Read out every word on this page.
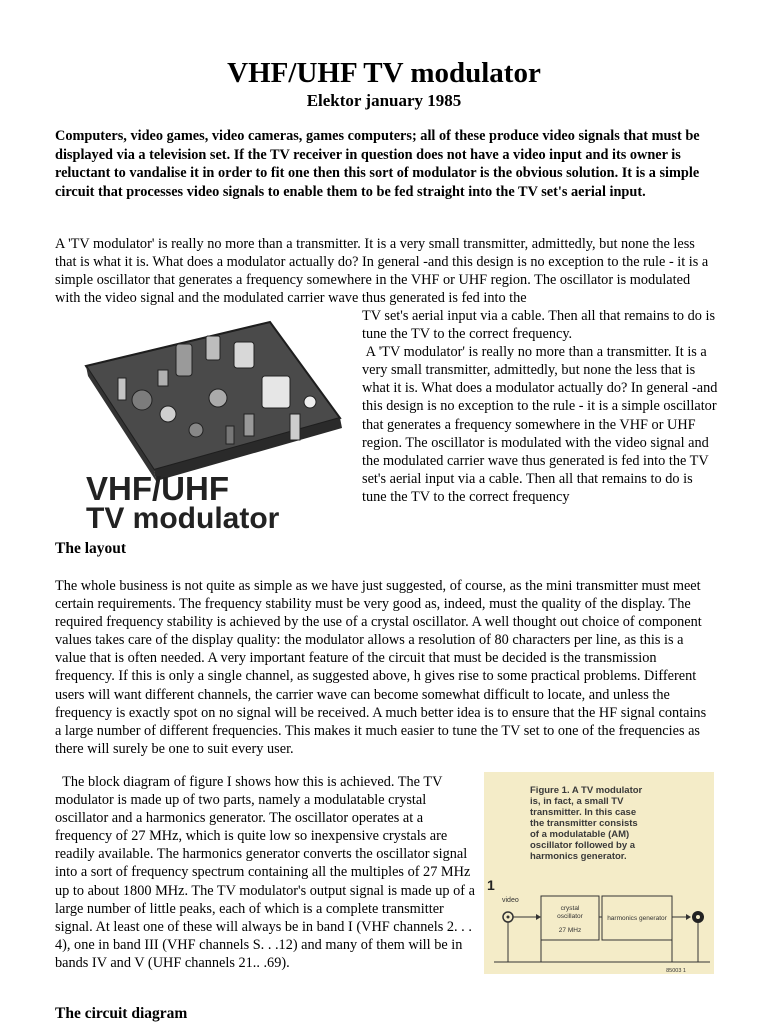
VHF/UHF TV modulator
Elektor january 1985

Computers, video games, video cameras, games computers; all of these produce video signals that must be displayed via a television set. If the TV receiver in question does not have a video input and its owner is reluctant to vandalise it in order to fit one then this sort of modulator is the obvious solution. It is a simple circuit that processes video signals to enable them to be fed straight into the TV set's aerial input.

A 'TV modulator' is really no more than a transmitter. It is a very small transmitter, admittedly, but none the less that is what it is. What does a modulator actually do? In general -and this design is no exception to the rule - it is a simple oscillator that generates a frequency somewhere in the VHF or UHF region. The oscillator is modulated with the video signal and the modulated carrier wave thus generated is fed into the

VHF/UHF
TV modulator

TV set's aerial input via a cable. Then all that remains to do is tune the TV to the correct frequency.

A 'TV modulator' is really no more than a transmitter. It is a very small transmitter, admittedly, but none the less that is what it is. What does a modulator actually do? In general -and this design is no exception to the rule - it is a simple oscillator that generates a frequency somewhere in the VHF or UHF region. The oscillator is modulated with the video signal and the modulated carrier wave thus generated is fed into the TV set's aerial input via a cable. Then all that remains to do is tune the TV to the correct frequency

The layout

The whole business is not quite as simple as we have just suggested, of course, as the mini transmitter must meet certain requirements. The frequency stability must be very good as, indeed, must the quality of the display. The required frequency stability is achieved by the use of a crystal oscillator. A well thought out choice of component values takes care of the display quality: the modulator allows a resolution of 80 characters per line, as this is a value that is often needed. A very important feature of the circuit that must be decided is the transmission frequency. If this is only a single channel, as suggested above, h gives rise to some practical problems. Different users will want different channels, the carrier wave can become somewhat difficult to locate, and unless the frequency is exactly spot on no signal will be received. A much better idea is to ensure that the HF signal contains a large number of different frequencies. This makes it much easier to tune the TV set to one of the frequencies as there will surely be one to suit every user.

The block diagram of figure I shows how this is achieved. The TV modulator is made up of two parts, namely a modulatable crystal oscillator and a harmonics generator. The oscillator operates at a frequency of 27 MHz, which is quite low so inexpensive crystals are readily available. The harmonics generator converts the oscillator signal into a sort of frequency spectrum containing all the multiples of 27 MHz up to about 1800 MHz. The TV modulator's output signal is made up of a large number of little peaks, each of which is a complete transmitter signal. At least one of these will always be in band I (VHF channels 2. . . 4), one in band III (VHF channels S. . .12) and many of them will be in bands IV and V (UHF channels 21.. .69).

Figure 1. A TV modulator
is, in fact, a small TV
transmitter. In this case
the transmitter consists
of a modulatable (AM)
oscillator followed by a
harmonics generator.
1
video
crystal
oscillator
27 MHz
harmonics generator
85003 1
The circuit diagram
